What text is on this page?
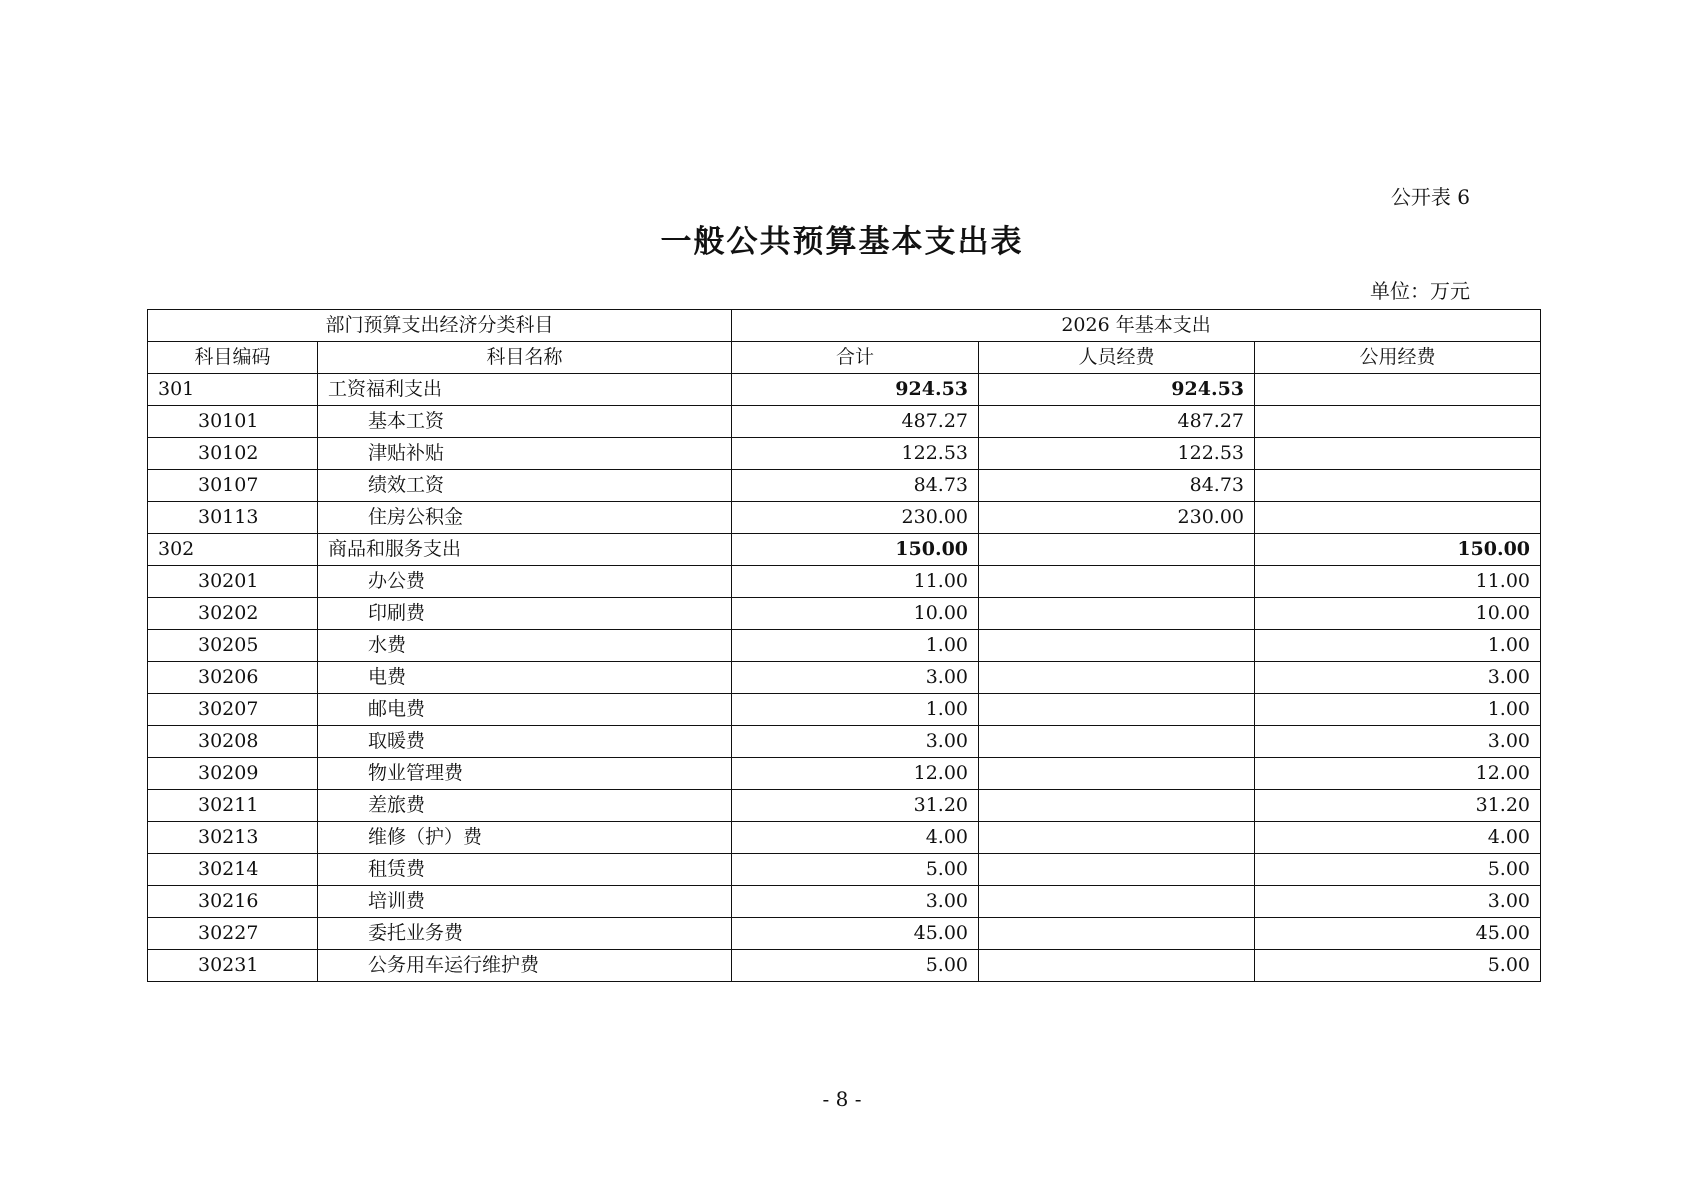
公开表 6
一般公共预算基本支出表
单位：万元
部门预算支出经济分类科目		2026 年基本支出		
科目编码	科目名称	合计	人员经费	公用经费
301	工资福利支出	924.53	924.53	
30101	基本工资	487.27	487.27	
30102	津贴补贴	122.53	122.53	
30107	绩效工资	84.73	84.73	
30113	住房公积金	230.00	230.00	
302	商品和服务支出	150.00		150.00
30201	办公费	11.00		11.00
30202	印刷费	10.00		10.00
30205	水费	1.00		1.00
30206	电费	3.00		3.00
30207	邮电费	1.00		1.00
30208	取暖费	3.00		3.00
30209	物业管理费	12.00		12.00
30211	差旅费	31.20		31.20
30213	维修（护）费	4.00		4.00
30214	租赁费	5.00		5.00
30216	培训费	3.00		3.00
30227	委托业务费	45.00		45.00
30231	公务用车运行维护费	5.00		5.00
- 8 -
